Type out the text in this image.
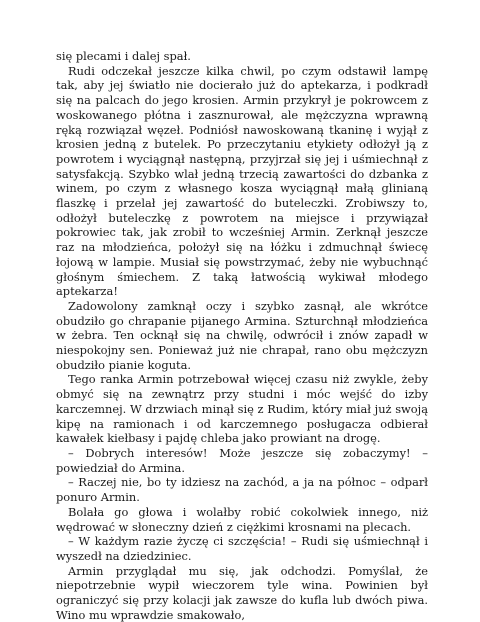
się plecami i dalej spał.

Rudi odczekał jeszcze kilka chwil, po czym odstawił lampę tak, aby jej światło nie docierało już do aptekarza, i podkradł się na palcach do jego krosien. Armin przykrył je pokrowcem z woskowanego płótna i zasznurował, ale mężczyzna wprawną ręką rozwiązał węzeł. Podniósł nawoskowaną tkaninę i wyjął z krosien jedną z butelek. Po przeczytaniu etykiety odłożył ją z powrotem i wyciągnął następną, przyjrzał się jej i uśmiechnął z satysfakcją. Szybko wlał jedną trzecią zawartości do dzbanka z winem, po czym z własnego kosza wyciągnął małą glinianą flaszkę i przelał jej zawartość do buteleczki. Zrobiwszy to, odłożył buteleczkę z powrotem na miejsce i przywiązał pokrowiec tak, jak zrobił to wcześniej Armin. Zerknął jeszcze raz na młodzieńca, położył się na łóżku i zdmuchnął świecę łojową w lampie. Musiał się powstrzymać, żeby nie wybuchnąć głośnym śmiechem. Z taką łatwością wykiwał młodego aptekarza!

Zadowolony zamknął oczy i szybko zasnął, ale wkrótce obudziło go chrapanie pijanego Armina. Szturchnął młodzieńca w żebra. Ten ocknął się na chwilę, odwrócił i znów zapadł w niespokojny sen. Ponieważ już nie chrapał, rano obu mężczyzn obudziło pianie koguta.

Tego ranka Armin potrzebował więcej czasu niż zwykle, żeby obmyć się na zewnątrz przy studni i móc wejść do izby karczemnej. W drzwiach minął się z Rudim, który miał już swoją kipę na ramionach i od karczemnego posługacza odbierał kawałek kiełbasy i pajdę chleba jako prowiant na drogę.

– Dobrych interesów! Może jeszcze się zobaczymy! – powiedział do Armina.

– Raczej nie, bo ty idziesz na zachód, a ja na północ – odparł ponuro Armin.

Bolała go głowa i wolałby robić cokolwiek innego, niż wędrować w słoneczny dzień z ciężkimi krosnami na plecach.

– W każdym razie życzę ci szczęścia! – Rudi się uśmiechnął i wyszedł na dziedziniec.

Armin przyglądał mu się, jak odchodzi. Pomyślał, że niepotrzebnie wypił wieczorem tyle wina. Powinien był ograniczyć się przy kolacji jak zawsze do kufla lub dwóch piwa. Wino mu wprawdzie smakowało,
